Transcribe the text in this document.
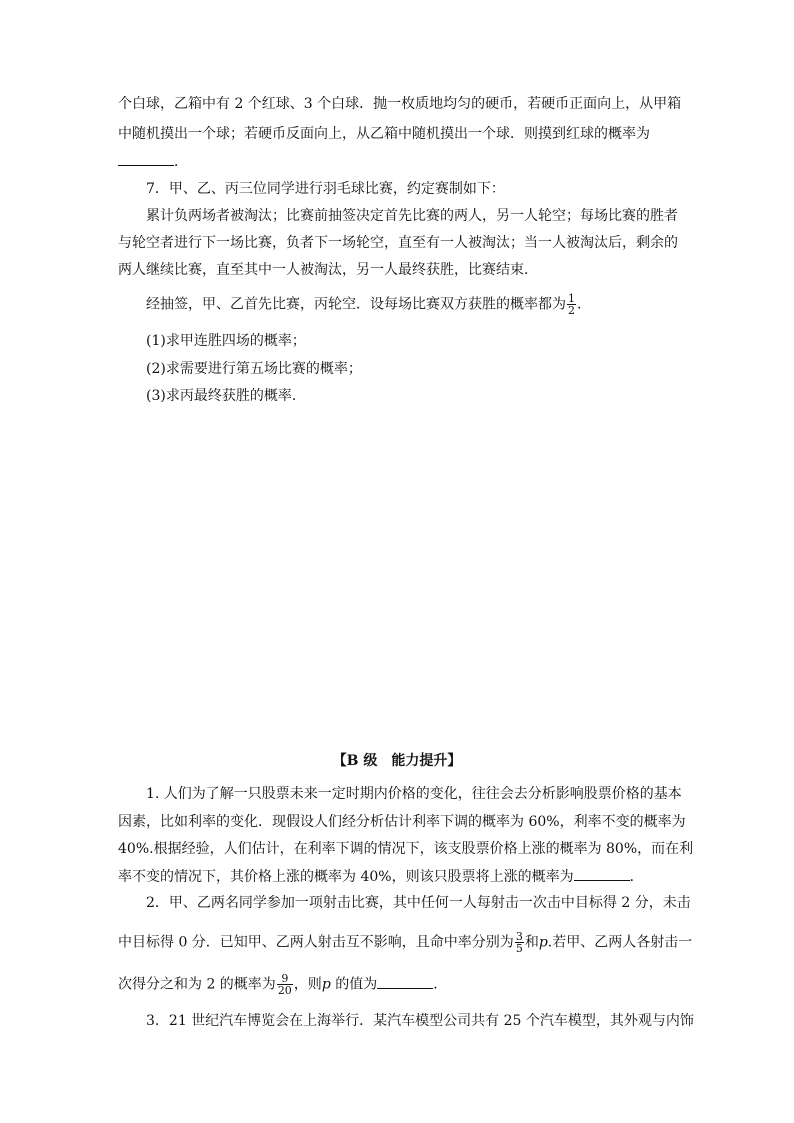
个白球，乙箱中有 2 个红球、3 个白球．抛一枚质地均匀的硬币，若硬币正面向上，从甲箱
中随机摸出一个球；若硬币反面向上，从乙箱中随机摸出一个球．则摸到红球的概率为
．
7．甲、乙、丙三位同学进行羽毛球比赛，约定赛制如下：
累计负两场者被淘汰；比赛前抽签决定首先比赛的两人，另一人轮空；每场比赛的胜者
与轮空者进行下一场比赛，负者下一场轮空，直至有一人被淘汰；当一人被淘汰后，剩余的
两人继续比赛，直至其中一人被淘汰，另一人最终获胜，比赛结束．
经抽签，甲、乙首先比赛，丙轮空．设每场比赛双方获胜的概率都为 $\frac{1}{2}$ .
(1)求甲连胜四场的概率；
(2)求需要进行第五场比赛的概率；
(3)求丙最终获胜的概率．
【B 级　能力提升】
1. 人们为了解一只股票未来一定时期内价格的变化，往往会去分析影响股票价格的基本
因素，比如利率的变化．现假设人们经分析估计利率下调的概率为 60%，利率不变的概率为
40%.根据经验，人们估计，在利率下调的情况下，该支股票价格上涨的概率为 80%，而在利
率不变的情况下，其价格上涨的概率为 40%，则该只股票将上涨的概率为	．
2．甲、乙两名同学参加一项射击比赛，其中任何一人每射击一次击中目标得 2 分，未击
中目标得 0 分．已知甲、乙两人射击互不影响，且命中率分别为 $\frac{3}{5}$ 和p.若甲、乙两人各射击一
次得分之和为 2 的概率为 $\frac{9}{20}$ ，则p 的值为	．
3．21 世纪汽车博览会在上海举行．某汽车模型公司共有 25 个汽车模型，其外观与内饰
